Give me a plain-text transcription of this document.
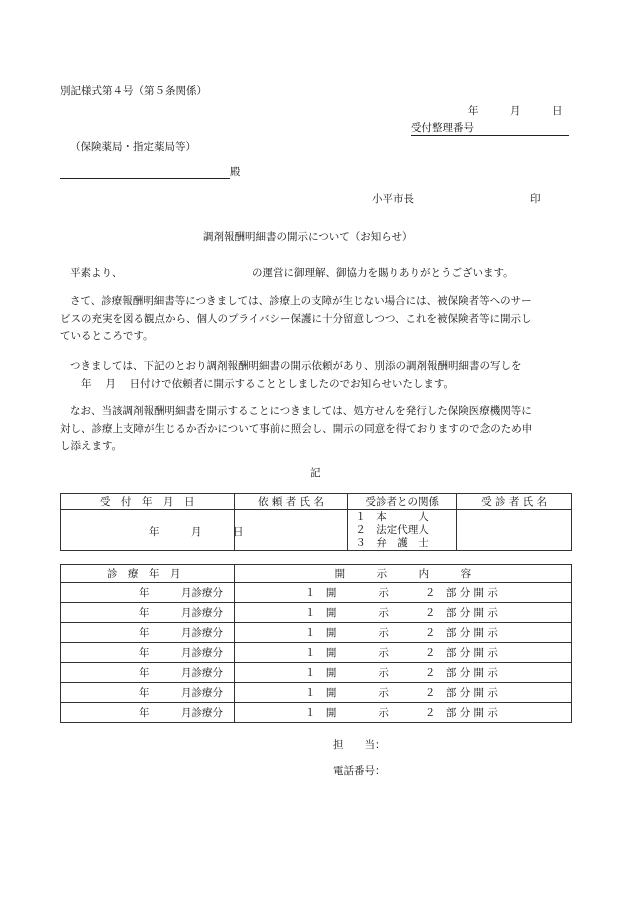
別記様式第４号（第５条関係）
年　　　月　　　日
受付整理番号
（保険薬局・指定薬局等）
殿
小平市長	印
調剤報酬明細書の開示について（お知らせ）
平素より、	の運営に御理解、御協力を賜りありがとうございます。

さて、診療報酬明細書等につきましては、診療上の支障が生じない場合には、被保険者等へのサー

ビスの充実を図る観点から、個人のプライバシー保護に十分留意しつつ、これを被保険者等に開示し

ているところです。

つきましては、下記のとおり調剤報酬明細書の開示依頼があり、別添の調剤報酬明細書の写しを

年　 月　 日付けで依頼者に開示することとしましたのでお知らせいたします。

なお、当該調剤報酬明細書を開示することにつきましては、処方せんを発行した保険医療機関等に

対し、診療上支障が生じるか否かについて事前に照会し、開示の同意を得ておりますので念のため申

し添えます。

記
受　付　年　月　日	依 頼 者 氏 名	受診者との関係	受 診 者 氏 名

年　　　月　　　日		１　本　　　人
２　法定代理人
３　弁　護　士	

診　療　年　月	開　　　示　　　内　　　容
年　　　月診療分	１　開　　　　示 ２　部 分 開 示
年　　　月診療分	１　開　　　　示 ２　部 分 開 示
年　　　月診療分	１　開　　　　示 ２　部 分 開 示
年　　　月診療分	１　開　　　　示 ２　部 分 開 示
年　　　月診療分	１　開　　　　示 ２　部 分 開 示
年　　　月診療分	１　開　　　　示 ２　部 分 開 示
年　　　月診療分	１　開　　　　示 ２　部 分 開 示
担　　当：
電話番号：
